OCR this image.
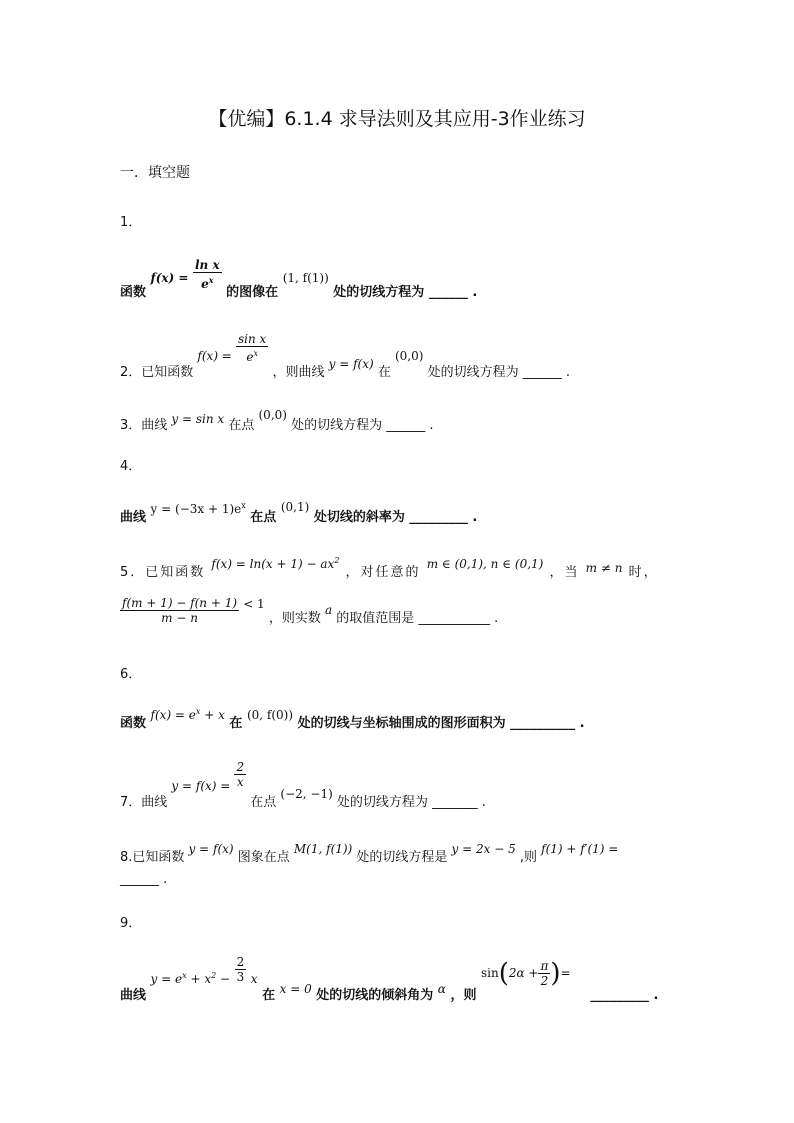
【优编】6.1.4 求导法则及其应用-3作业练习
一．填空题
1．
函数 $f(x) = \frac{\text{ln x}}{e^x}$
的图像在 (1, f(1)) 处的切线方程为 ______ .
2．已知函数 $f(x) = \frac{\text{sin x}}{e^x}$
，则曲线 y = f(x) 在 (0,0) 处的切线方程为 ______ .
3．曲线 y = sin x 在点 (0,0) 处的切线方程为 ______ .
4．
曲线 $y = (-3x + 1)e^x$ 在点 (0,1) 处切线的斜率为 _________ .
5．已知函数 $f(x) = \ln(x + 1) - ax^2$ ，对任意的 m ∈ (0,1), n ∈ (0,1) ，当 m ≠ n 时，
$\frac{f(m + 1) - f(n + 1)}{m - n} < 1$ ，则实数 a 的取值范围是 ___________ .
6．
函数 $f(x) = e^x + x$ 在 (0, f(0)) 处的切线与坐标轴围成的图形面积为 __________ .
7．曲线 $y = f(x) = \frac{2}{x}$
在点 (−2, −1) 处的切线方程为 _______ .
8.已知函数 y = f(x) 图象在点 M(1, f(1)) 处的切线方程是 y = 2x − 5 ,则 f(1) + f′(1) =
______ .
9．
曲线 $y = e^x + x^2 - \frac{2}{3}$ x 在 x = 0 处的切线的倾斜角为 α ，则 $\sin(2\alpha + \frac{\pi}{2}$ )= _________ .
